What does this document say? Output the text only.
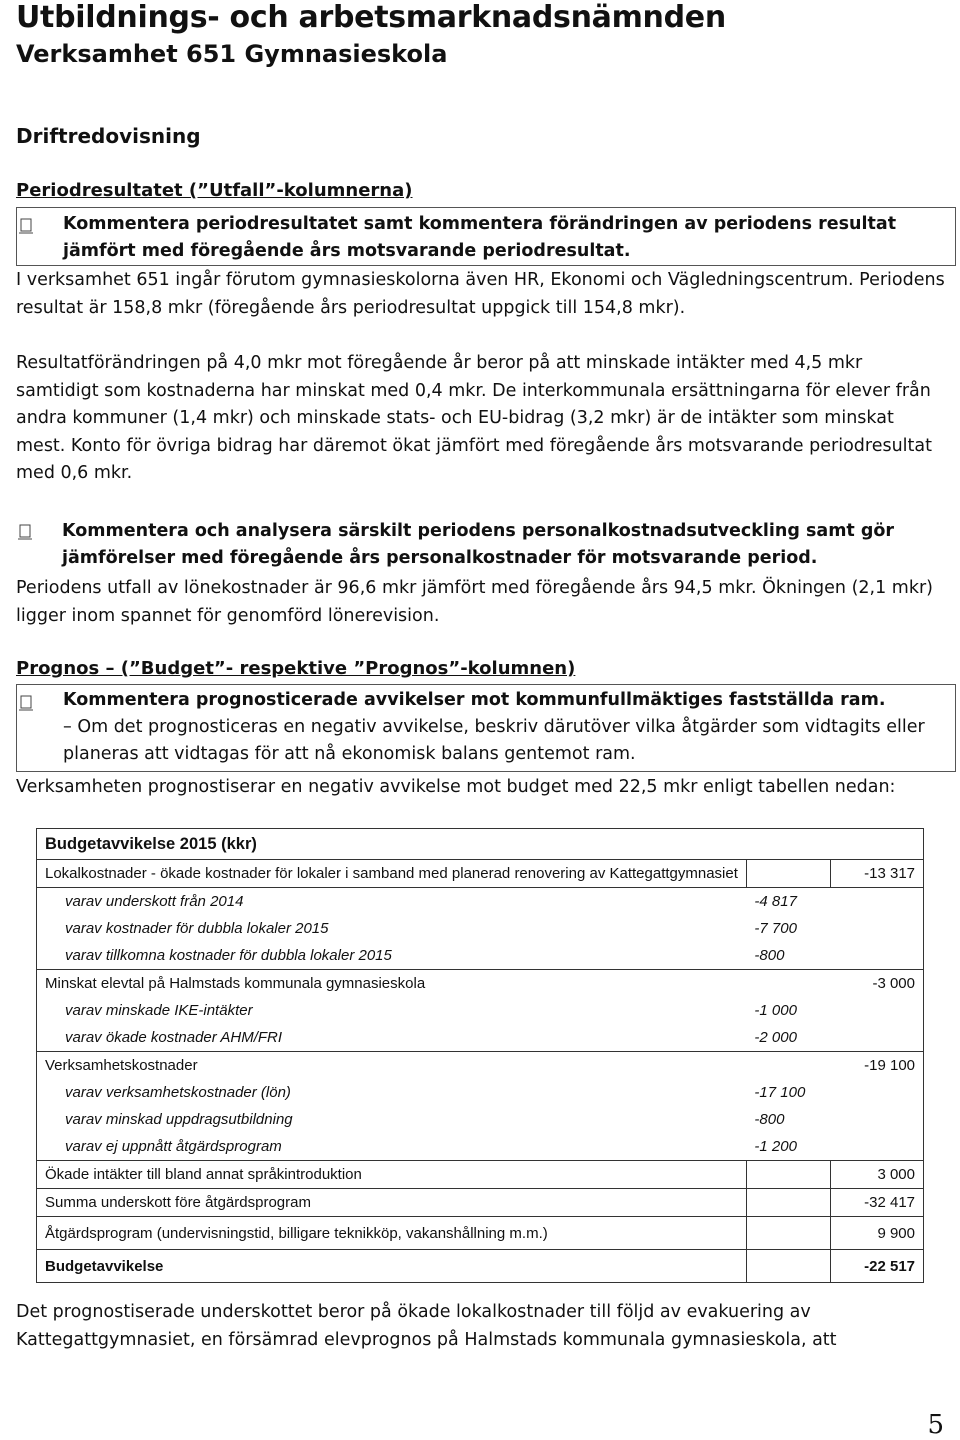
Utbildnings- och arbetsmarknadsnämnden
Verksamhet 651 Gymnasieskola
Driftredovisning

Periodresultatet (”Utfall”-kolumnerna)

Kommentera periodresultatet samt kommentera förändringen av periodens resultat
jämfört med föregående års motsvarande periodresultat.

I verksamhet 651 ingår förutom gymnasieskolorna även HR, Ekonomi och Vägledningscentrum. Periodens resultat är 158,8 mkr (föregående års periodresultat uppgick till 154,8 mkr).

Resultatförändringen på 4,0 mkr mot föregående år beror på att minskade intäkter med 4,5 mkr samtidigt som kostnaderna har minskat med 0,4 mkr. De interkommunala ersättningarna för elever från andra kommuner (1,4 mkr) och minskade stats- och EU-bidrag (3,2 mkr) är de intäkter som minskat mest. Konto för övriga bidrag har däremot ökat jämfört med föregående års motsvarande periodresultat med 0,6 mkr.

Kommentera och analysera särskilt periodens personalkostnadsutveckling samt gör
jämförelser med föregående års personalkostnader för motsvarande period.

Periodens utfall av lönekostnader är 96,6 mkr jämfört med föregående års 94,5 mkr. Ökningen (2,1 mkr) ligger inom spannet för genomförd lönerevision.

Prognos – (”Budget”- respektive ”Prognos”-kolumnen)

Kommentera prognosticerade avvikelser mot kommunfullmäktiges fastställda ram.
– Om det prognosticeras en negativ avvikelse, beskriv därutöver vilka åtgärder som vidtagits eller
planeras att vidtagas för att nå ekonomisk balans gentemot ram.

Verksamheten prognostiserar en negativ avvikelse mot budget med 22,5 mkr enligt tabellen nedan:

Budgetavvikelse 2015 (kkr)		
Lokalkostnader - ökade kostnader för lokaler i samband med planerad renovering av Kattegattgymnasiet		-13 317
varav underskott från 2014	-4 817	
varav kostnader för dubbla lokaler 2015	-7 700	
varav tillkomna kostnader för dubbla lokaler 2015	-800	
Minskat elevtal på Halmstads kommunala gymnasieskola		-3 000
varav minskade IKE-intäkter	-1 000	
varav ökade kostnader AHM/FRI	-2 000	
Verksamhetskostnader		-19 100
varav verksamhetskostnader (lön)	-17 100	
varav minskad uppdragsutbildning	-800	
varav ej uppnått åtgärdsprogram	-1 200	
Ökade intäkter till bland annat språkintroduktion		3 000
Summa underskott före åtgärdsprogram		-32 417
Åtgärdsprogram (undervisningstid, billigare teknikköp, vakanshållning m.m.)		9 900
Budgetavvikelse		-22 517

Det prognostiserade underskottet beror på ökade lokalkostnader till följd av evakuering av Kattegattgymnasiet, en försämrad elevprognos på Halmstads kommunala gymnasieskola, att

5
